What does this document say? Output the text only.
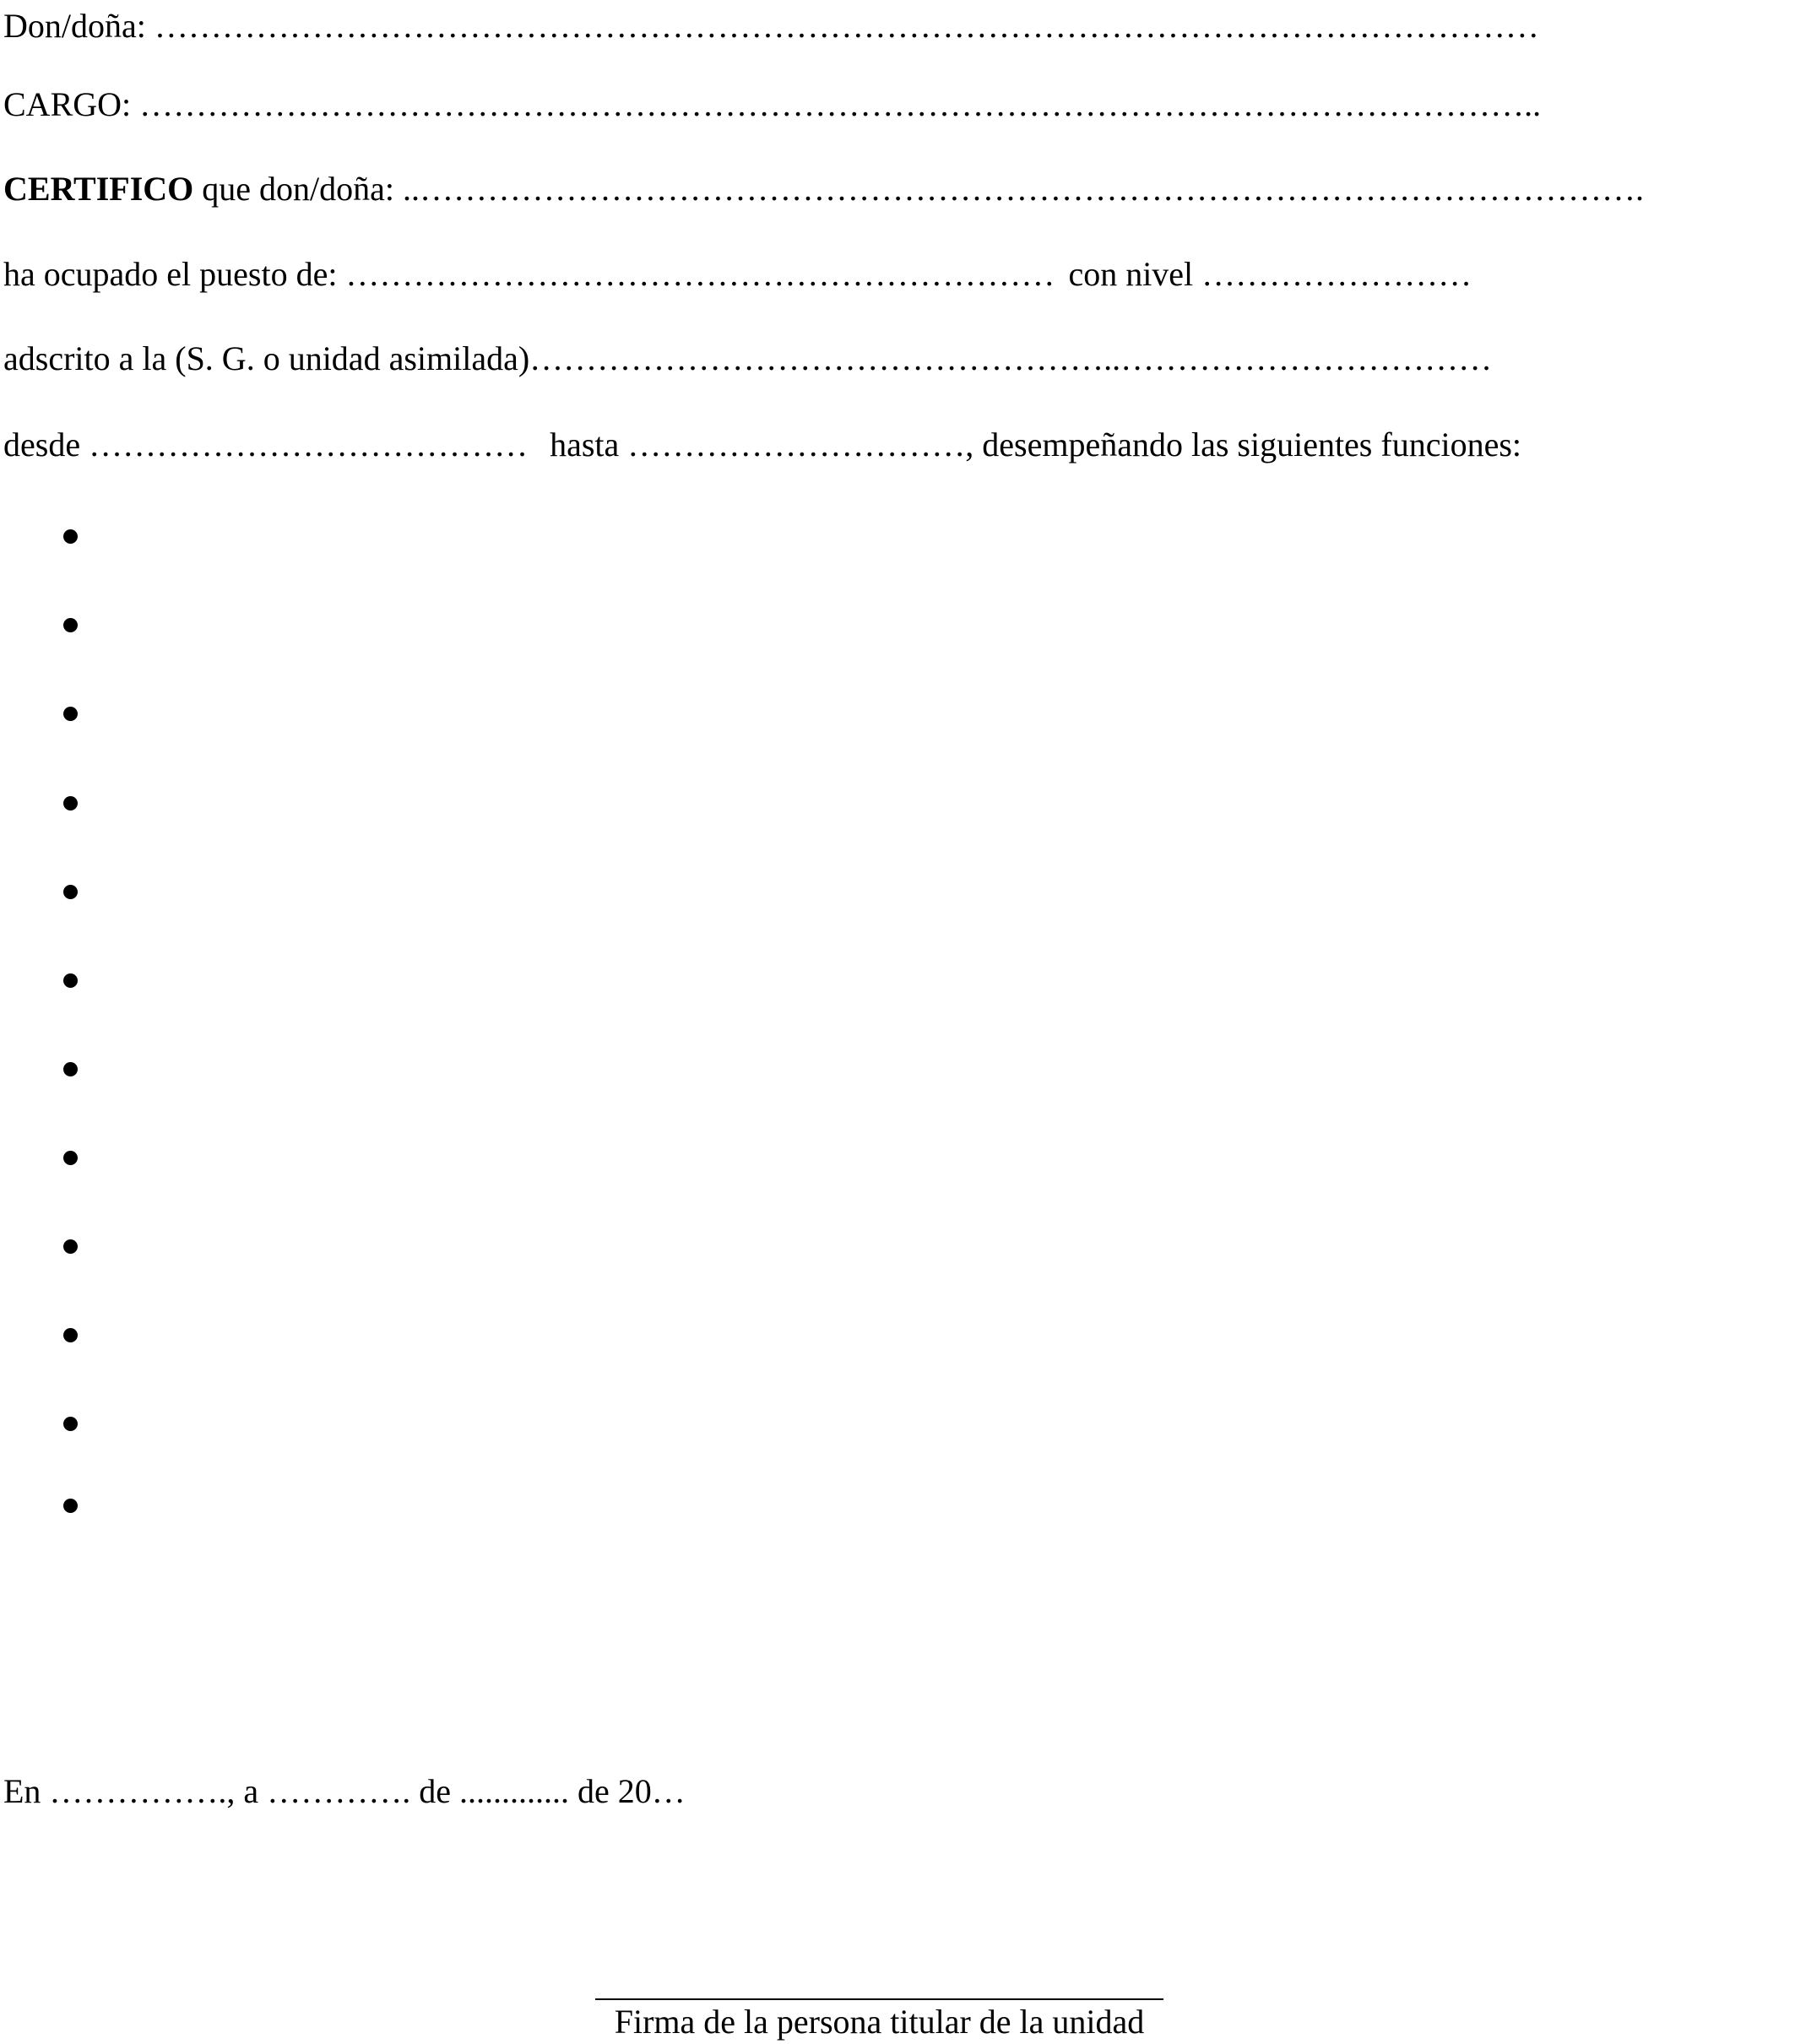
Don/doña: ……………………………………………………………………………………………………………
CARGO: ……………………………………………………………………………………………………………..
CERTIFICO que don/doña: ..……………………………………………………………………………………………….
ha ocupado el puesto de: ……………………………………………………… con nivel ……………………
adscrito a la (S. G. o unidad asimilada)……………………………………………..……………………………
desde ………………………………… hasta …………………………, desempeñando las siguientes funciones:
En ……………., a …………. de ............. de 20…
Firma de la persona titular de la unidad
